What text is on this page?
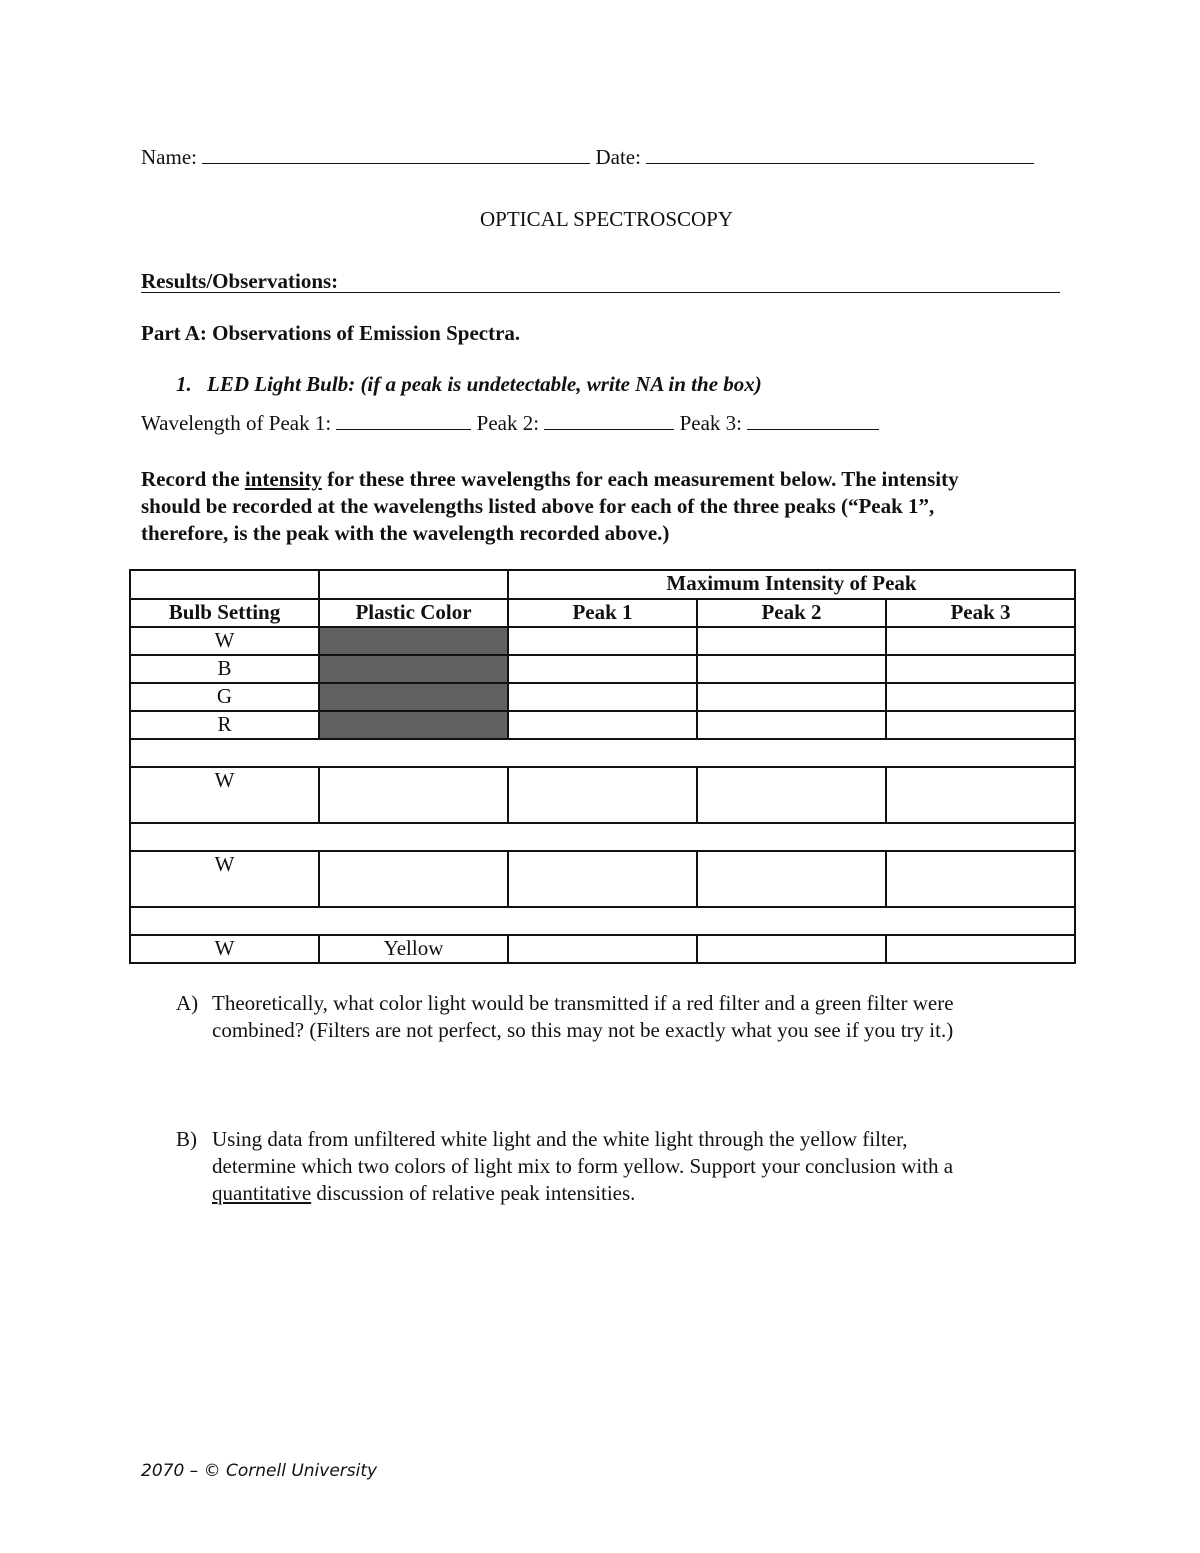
Name:	Date:
OPTICAL SPECTROSCOPY
Results/Observations:
Part A: Observations of Emission Spectra.
1. LED Light Bulb: (if a peak is undetectable, write NA in the box)
Wavelength of Peak 1:	Peak 2:	Peak 3:
Record the intensity for these three wavelengths for each measurement below. The intensity
should be recorded at the wavelengths listed above for each of the three peaks (“Peak 1”,
therefore, is the peak with the wavelength recorded above.)
		Maximum Intensity of Peak		
Bulb Setting	Plastic Color	Peak 1	Peak 2	Peak 3
W				
B				
G				
R				

W				

W				

W	Yellow			
A) Theoretically, what color light would be transmitted if a red filter and a green filter were
combined? (Filters are not perfect, so this may not be exactly what you see if you try it.)
B) Using data from unfiltered white light and the white light through the yellow filter,
determine which two colors of light mix to form yellow. Support your conclusion with a
quantitative discussion of relative peak intensities.
2070 – © Cornell University
